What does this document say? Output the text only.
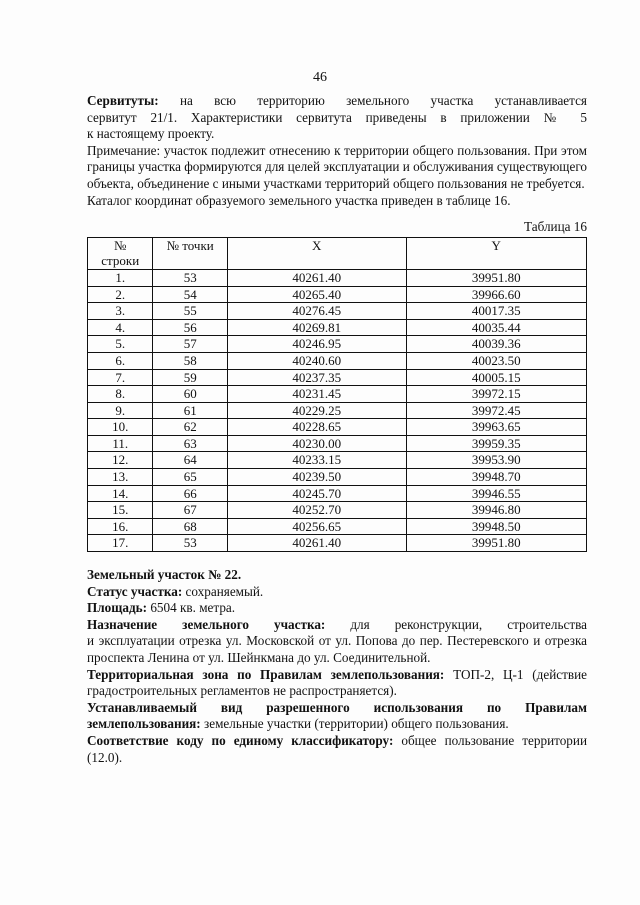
46

Сервитуты: на всю территорию земельного участка устанавливается

сервитут 21/1. Характеристики сервитута приведены в приложении № 5

к настоящему проекту.

Примечание: участок подлежит отнесению к территории общего пользования. При этом границы участка формируются для целей эксплуатации и обслуживания существующего объекта, объединение с иными участками территорий общего пользования не требуется.

Каталог координат образуемого земельного участка приведен в таблице 16.

Таблица 16
№
строки	№ точки	X	Y
1.	53	40261.40	39951.80
2.	54	40265.40	39966.60
3.	55	40276.45	40017.35
4.	56	40269.81	40035.44
5.	57	40246.95	40039.36
6.	58	40240.60	40023.50
7.	59	40237.35	40005.15
8.	60	40231.45	39972.15
9.	61	40229.25	39972.45
10.	62	40228.65	39963.65
11.	63	40230.00	39959.35
12.	64	40233.15	39953.90
13.	65	40239.50	39948.70
14.	66	40245.70	39946.55
15.	67	40252.70	39946.80
16.	68	40256.65	39948.50
17.	53	40261.40	39951.80

Земельный участок № 22.

Статус участка: сохраняемый.

Площадь: 6504 кв. метра.

Назначение земельного участка: для реконструкции, строительства

и эксплуатации отрезка ул. Московской от ул. Попова до пер. Пестеревского и отрезка проспекта Ленина от ул. Шейнкмана до ул. Соединительной.

Территориальная зона по Правилам землепользования: ТОП-2, Ц-1 (действие градостроительных регламентов не распространяется).

Устанавливаемый вид разрешенного использования по Правилам

землепользования: земельные участки (территории) общего пользования.

Соответствие коду по единому классификатору: общее пользование территории (12.0).
